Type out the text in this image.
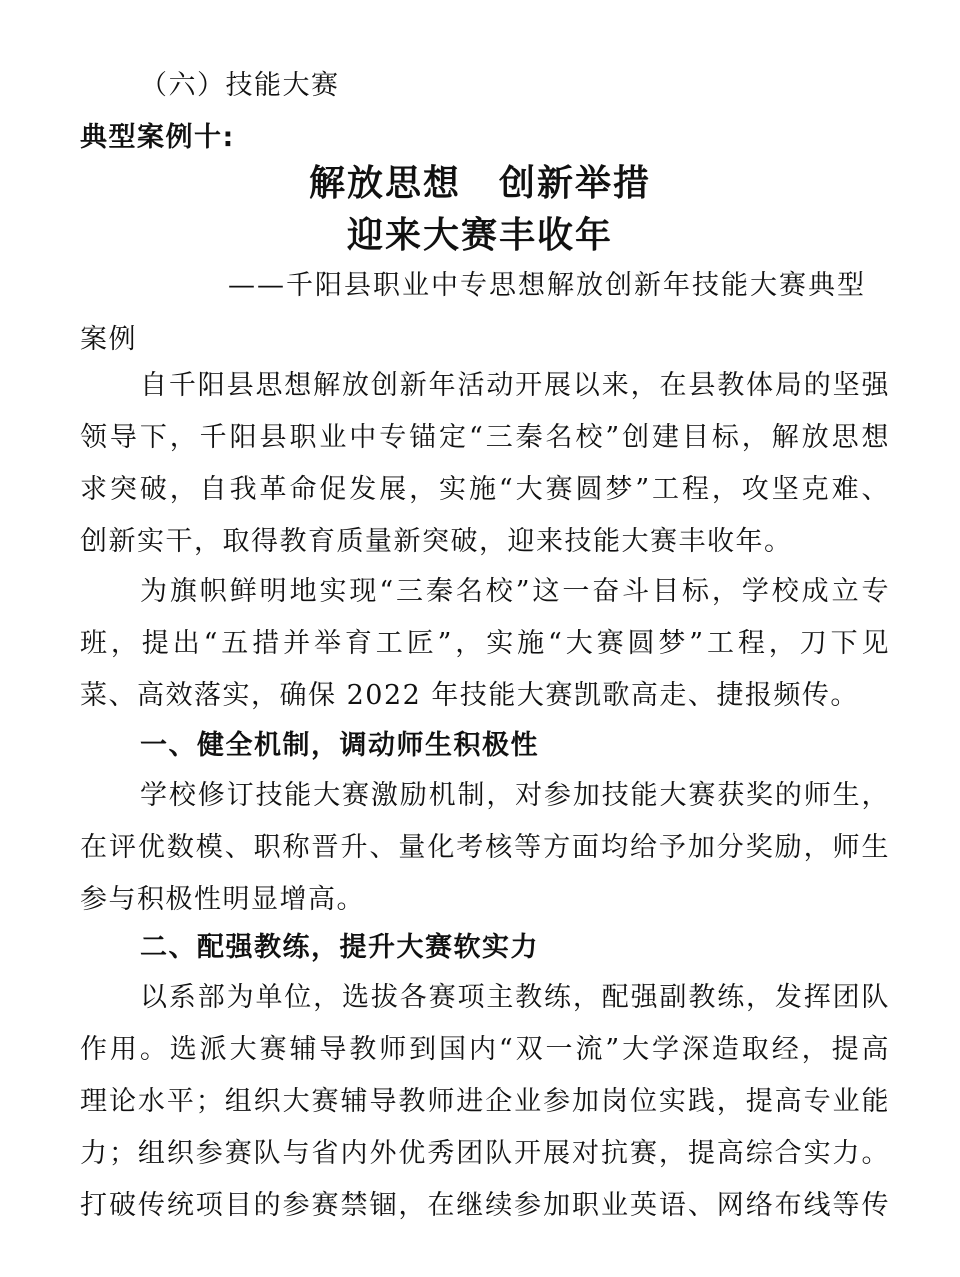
（六）技能大赛
典型案例十:
解放思想　创新举措
迎来大赛丰收年
——千阳县职业中专思想解放创新年技能大赛典型
案例
自千阳县思想解放创新年活动开展以来，在县教体局的坚强
领导下，千阳县职业中专锚定“三秦名校”创建目标，解放思想
求突破，自我革命促发展，实施“大赛圆梦”工程，攻坚克难、
创新实干，取得教育质量新突破，迎来技能大赛丰收年。
为旗帜鲜明地实现“三秦名校”这一奋斗目标，学校成立专
班，提出“五措并举育工匠”，实施“大赛圆梦”工程，刀下见
菜、高效落实，确保 2022 年技能大赛凯歌高走、捷报频传。
一、健全机制，调动师生积极性
学校修订技能大赛激励机制，对参加技能大赛获奖的师生，
在评优数模、职称晋升、量化考核等方面均给予加分奖励，师生
参与积极性明显增高。
二、配强教练，提升大赛软实力
以系部为单位，选拔各赛项主教练，配强副教练，发挥团队
作用。选派大赛辅导教师到国内“双一流”大学深造取经，提高
理论水平；组织大赛辅导教师进企业参加岗位实践，提高专业能
力；组织参赛队与省内外优秀团队开展对抗赛，提高综合实力。
打破传统项目的参赛禁锢，在继续参加职业英语、网络布线等传
